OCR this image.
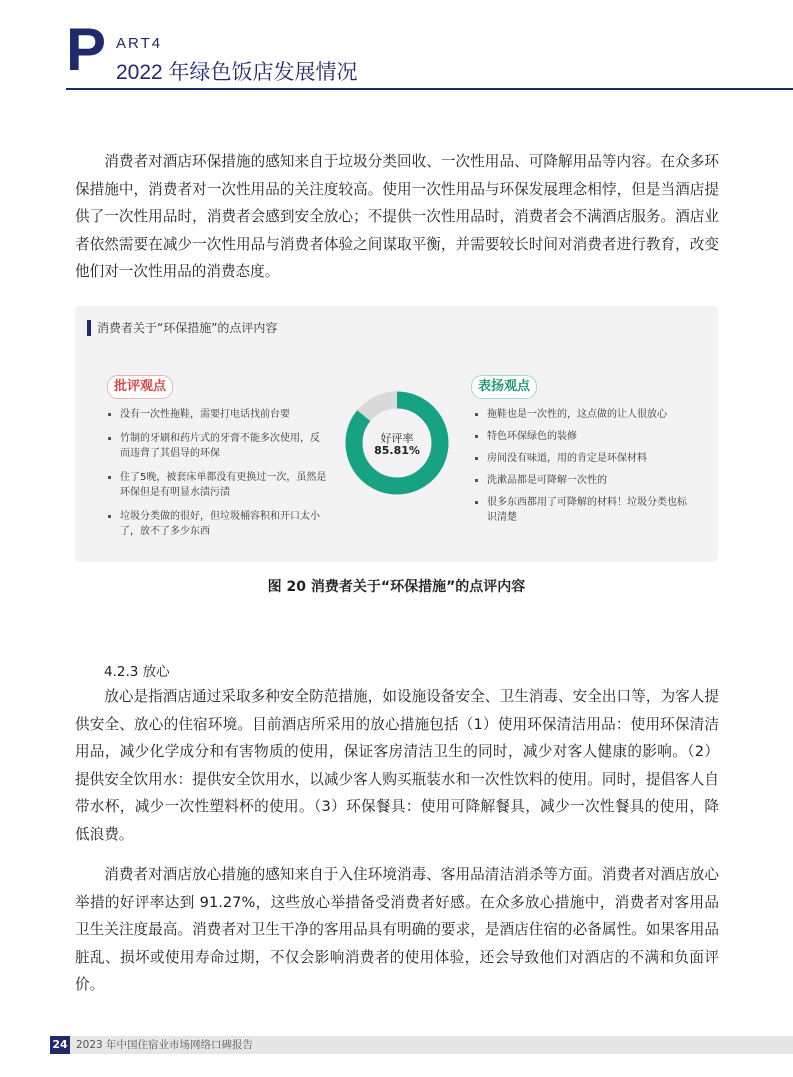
P ART4
2022 年绿色饭店发展情况

消费者对酒店环保措施的感知来自于垃圾分类回收、一次性用品、可降解用品等内容。在众多环保措施中，消费者对一次性用品的关注度较高。使用一次性用品与环保发展理念相悖，但是当酒店提供了一次性用品时，消费者会感到安全放心；不提供一次性用品时，消费者会不满酒店服务。酒店业者依然需要在减少一次性用品与消费者体验之间谋取平衡，并需要较长时间对消费者进行教育，改变他们对一次性用品的消费态度。

消费者关于“环保措施”的点评内容
批评观点
没有一次性拖鞋，需要打电话找前台要
竹制的牙刷和药片式的牙膏不能多次使用，反而违背了其倡导的环保
住了5晚，被套床单都没有更换过一次，虽然是环保但是有明显水渍污渍
垃圾分类做的很好，但垃圾桶容积和开口太小了，放不了多少东西
好评率
85.81%
表扬观点
拖鞋也是一次性的，这点做的让人很放心
特色环保绿色的装修
房间没有味道，用的肯定是环保材料
洗漱品都是可降解一次性的
很多东西都用了可降解的材料！垃圾分类也标识清楚
图 20 消费者关于“环保措施”的点评内容
4.2.3 放心

放心是指酒店通过采取多种安全防范措施，如设施设备安全、卫生消毒、安全出口等，为客人提供安全、放心的住宿环境。目前酒店所采用的放心措施包括（1）使用环保清洁用品：使用环保清洁用品，减少化学成分和有害物质的使用，保证客房清洁卫生的同时，减少对客人健康的影响。（2）提供安全饮用水：提供安全饮用水，以减少客人购买瓶装水和一次性饮料的使用。同时，提倡客人自带水杯，减少一次性塑料杯的使用。（3）环保餐具：使用可降解餐具，减少一次性餐具的使用，降低浪费。

消费者对酒店放心措施的感知来自于入住环境消毒、客用品清洁消杀等方面。消费者对酒店放心举措的好评率达到 91.27%，这些放心举措备受消费者好感。在众多放心措施中，消费者对客用品卫生关注度最高。消费者对卫生干净的客用品具有明确的要求，是酒店住宿的必备属性。如果客用品脏乱、损坏或使用寿命过期，不仅会影响消费者的使用体验，还会导致他们对酒店的不满和负面评价。

24 2023 年中国住宿业市场网络口碑报告
